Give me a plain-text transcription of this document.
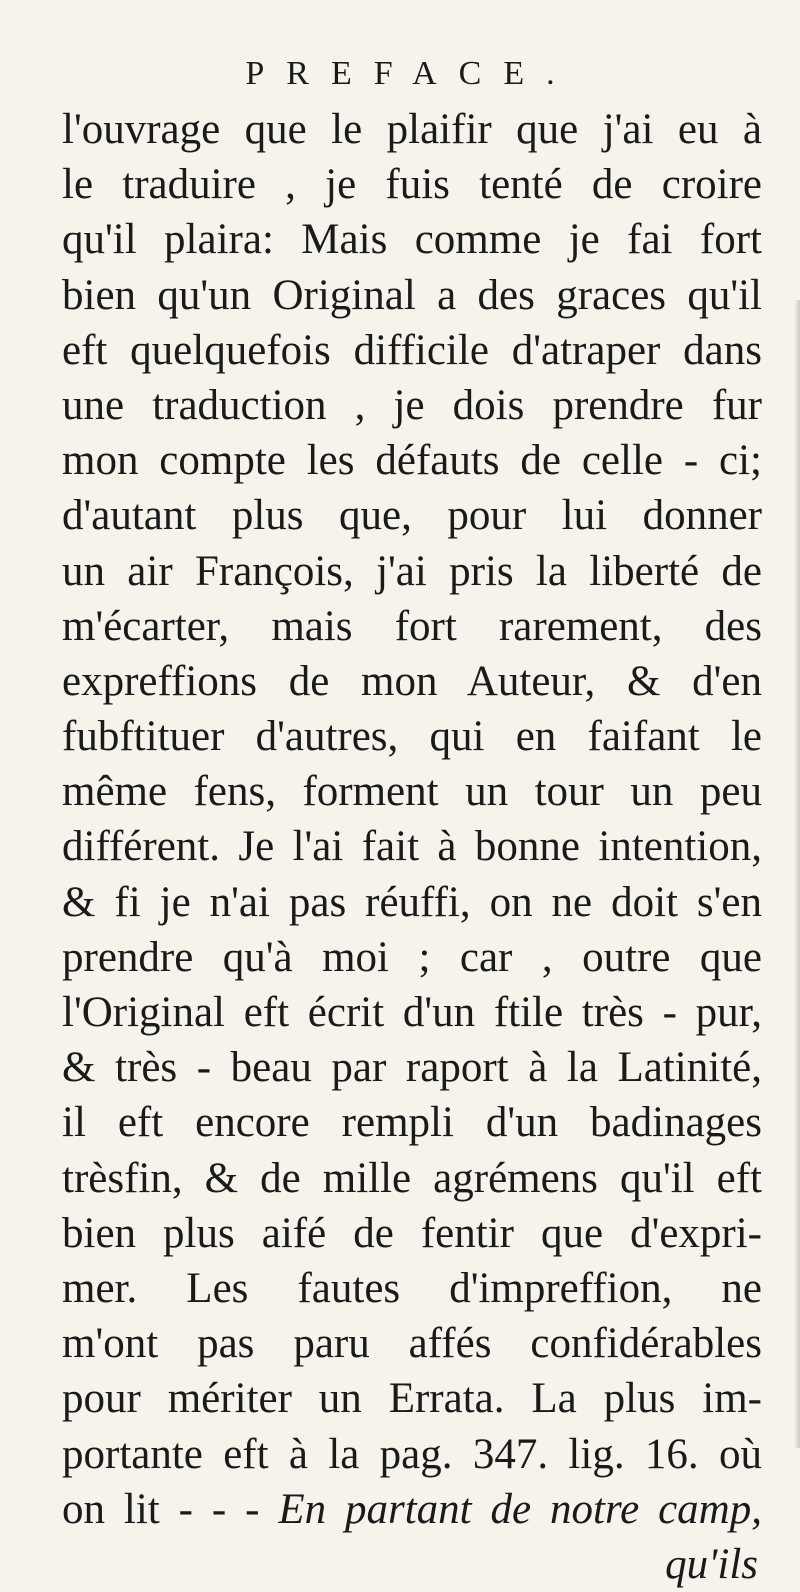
PREFACE.
l'ouvrage que le plaifir que j'ai eu à
le traduire , je fuis tenté de croire
qu'il plaira: Mais comme je fai fort
bien qu'un Original a des graces qu'il
eft quelquefois difficile d'atraper dans
une traduction , je dois prendre fur
mon compte les défauts de celle - ci;
d'autant plus que, pour lui donner
un air François, j'ai pris la liberté de
m'écarter, mais fort rarement, des
expreffions de mon Auteur, & d'en
fubftituer d'autres, qui en faifant le
même fens, forment un tour un peu
différent. Je l'ai fait à bonne intention,
& fi je n'ai pas réuffi, on ne doit s'en
prendre qu'à moi ; car , outre que
l'Original eft écrit d'un ftile très - pur,
& très - beau par raport à la Latinité,
il eft encore rempli d'un badinages
trèsfin, & de mille agrémens qu'il eft
bien plus aifé de fentir que d'expri-
mer. Les fautes d'impreffion, ne
m'ont pas paru affés confidérables
pour mériter un Errata. La plus im-
portante eft à la pag. 347. lig. 16. où
on lit - - - En partant de notre camp,
qu'ils
